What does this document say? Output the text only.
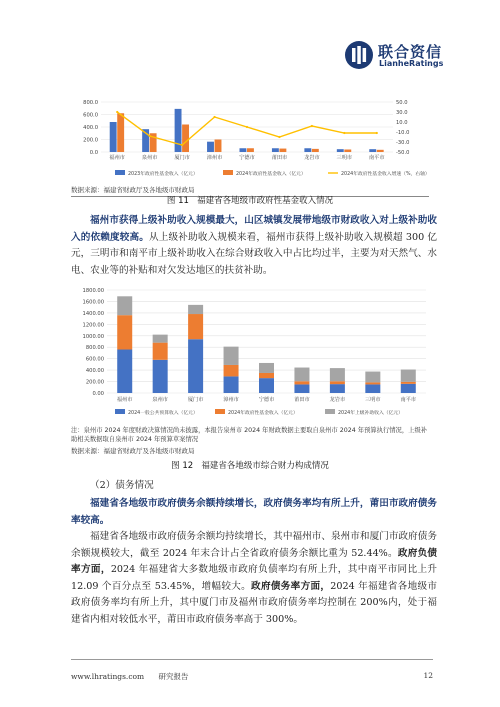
联合资信
LianheRatings
0.0
200.0
400.0
600.0
800.0
-50.0
-30.0
-10.0
10.0
30.0
50.0
福州市	泉州市	厦门市	漳州市	宁德市	莆田市	龙岩市	三明市	南平市
2023年政府性基金收入（亿元）	2024年政府性基金收入（亿元）	2024年政府性基金收入增速（%，右轴）
数据来源：福建省财政厅及各地级市财政局
图 11 福建省各地级市政府性基金收入情况
福州市获得上级补助收入规模最大，山区城镇发展带地级市财政收入对上级补助收入的依赖度较高。从上级补助收入规模来看，福州市获得上级补助收入规模超 300 亿元，三明市和南平市上级补助收入在综合财政收入中占比均过半，主要为对天然气、水电、农业等的补贴和对欠发达地区的扶贫补助。
0.00
200.00
400.00
600.00
800.00
1000.00
1200.00
1400.00
1600.00
1800.00
福州市	泉州市	厦门市	漳州市	宁德市	莆田市	龙岩市	三明市	南平市
2024一般公共预算收入（亿元）	2024年政府性基金收入（亿元）	2024年上级补助收入（亿元）
注：泉州市 2024 年度财政决算情况尚未披露，本报告泉州市 2024 年财政数据主要取自泉州市 2024 年预算执行情况，上级补助相关数据取自泉州市 2024 年预算草案情况
数据来源：福建省财政厅及各地级市财政局
图 12 福建省各地级市综合财力构成情况
（2）债务情况
福建省各地级市政府债务余额持续增长，政府债务率均有所上升，莆田市政府债务率较高。
福建省各地级市政府债务余额均持续增长，其中福州市、泉州市和厦门市政府债务余额规模较大，截至 2024 年末合计占全省政府债务余额比重为 52.44%。政府负债率方面，2024 年福建省大多数地级市政府负债率均有所上升，其中南平市同比上升 12.09 个百分点至 53.45%，增幅较大。政府债务率方面，2024 年福建省各地级市政府债务率均有所上升，其中厦门市及福州市政府债务率均控制在 200%内，处于福建省内相对较低水平，莆田市政府债务率高于 300%。
www.lhratings.com      研究报告	12
